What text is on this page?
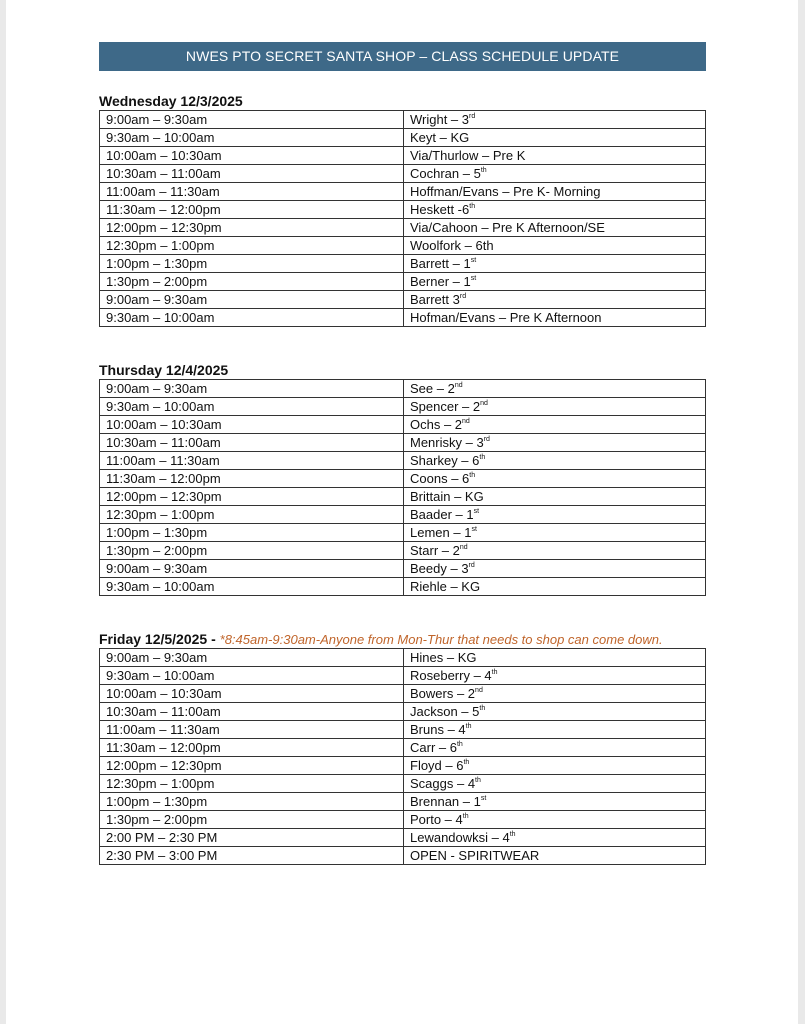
NWES PTO SECRET SANTA SHOP – CLASS SCHEDULE UPDATE
Wednesday 12/3/2025
9:00am – 9:30am	Wright – 3rd
9:30am – 10:00am	Keyt – KG
10:00am – 10:30am	Via/Thurlow – Pre K
10:30am – 11:00am	Cochran – 5th
11:00am – 11:30am	Hoffman/Evans – Pre K- Morning
11:30am – 12:00pm	Heskett -6th
12:00pm – 12:30pm	Via/Cahoon – Pre K Afternoon/SE
12:30pm – 1:00pm	Woolfork – 6th
1:00pm – 1:30pm	Barrett – 1st
1:30pm – 2:00pm	Berner – 1st
9:00am – 9:30am	Barrett 3rd
9:30am – 10:00am	Hofman/Evans – Pre K Afternoon
Thursday 12/4/2025
9:00am – 9:30am	See – 2nd
9:30am – 10:00am	Spencer – 2nd
10:00am – 10:30am	Ochs – 2nd
10:30am – 11:00am	Menrisky – 3rd
11:00am – 11:30am	Sharkey – 6th
11:30am – 12:00pm	Coons – 6th
12:00pm – 12:30pm	Brittain – KG
12:30pm – 1:00pm	Baader – 1st
1:00pm – 1:30pm	Lemen – 1st
1:30pm – 2:00pm	Starr – 2nd
9:00am – 9:30am	Beedy – 3rd
9:30am – 10:00am	Riehle – KG
Friday 12/5/2025 - *8:45am-9:30am-Anyone from Mon-Thur that needs to shop can come down.
9:00am – 9:30am	Hines – KG
9:30am – 10:00am	Roseberry – 4th
10:00am – 10:30am	Bowers – 2nd
10:30am – 11:00am	Jackson – 5th
11:00am – 11:30am	Bruns – 4th
11:30am – 12:00pm	Carr – 6th
12:00pm – 12:30pm	Floyd – 6th
12:30pm – 1:00pm	Scaggs – 4th
1:00pm – 1:30pm	Brennan – 1st
1:30pm – 2:00pm	Porto – 4th
2:00 PM – 2:30 PM	Lewandowksi – 4th
2:30 PM – 3:00 PM	OPEN - SPIRITWEAR
